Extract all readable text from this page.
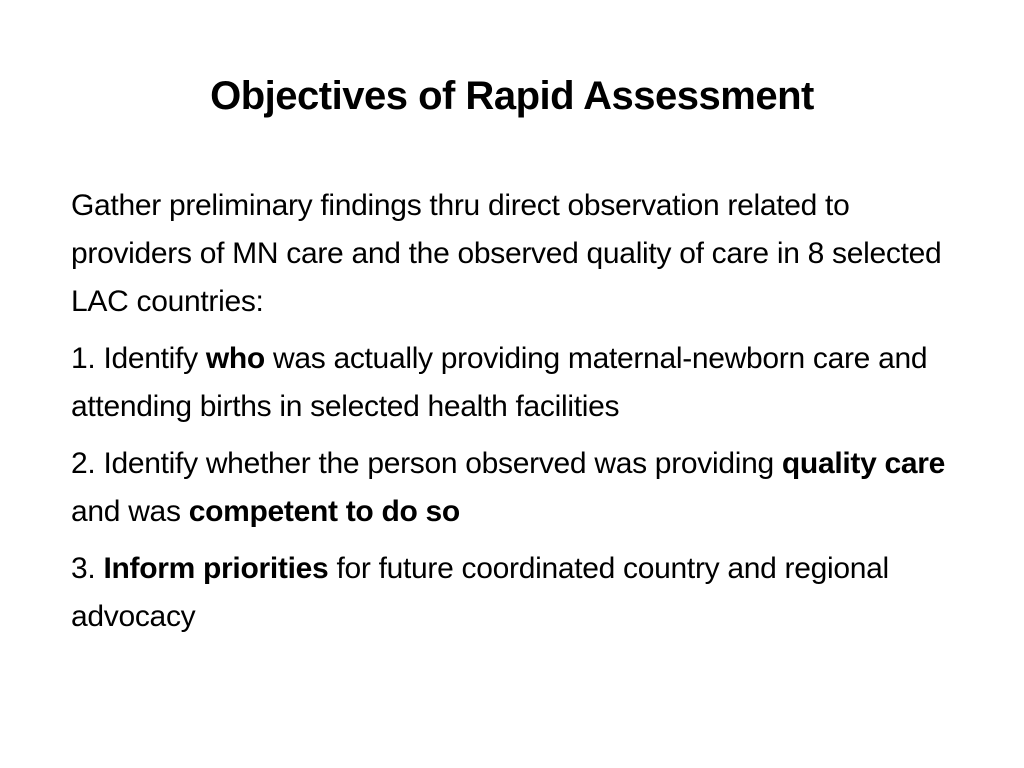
Objectives of Rapid Assessment

Gather preliminary findings thru direct observation related to providers of MN care and the observed quality of care in 8 selected LAC countries:

1. Identify who was actually providing maternal-newborn care and attending births in selected health facilities

2. Identify whether the person observed was providing quality care and was competent to do so

3. Inform priorities for future coordinated country and regional advocacy
